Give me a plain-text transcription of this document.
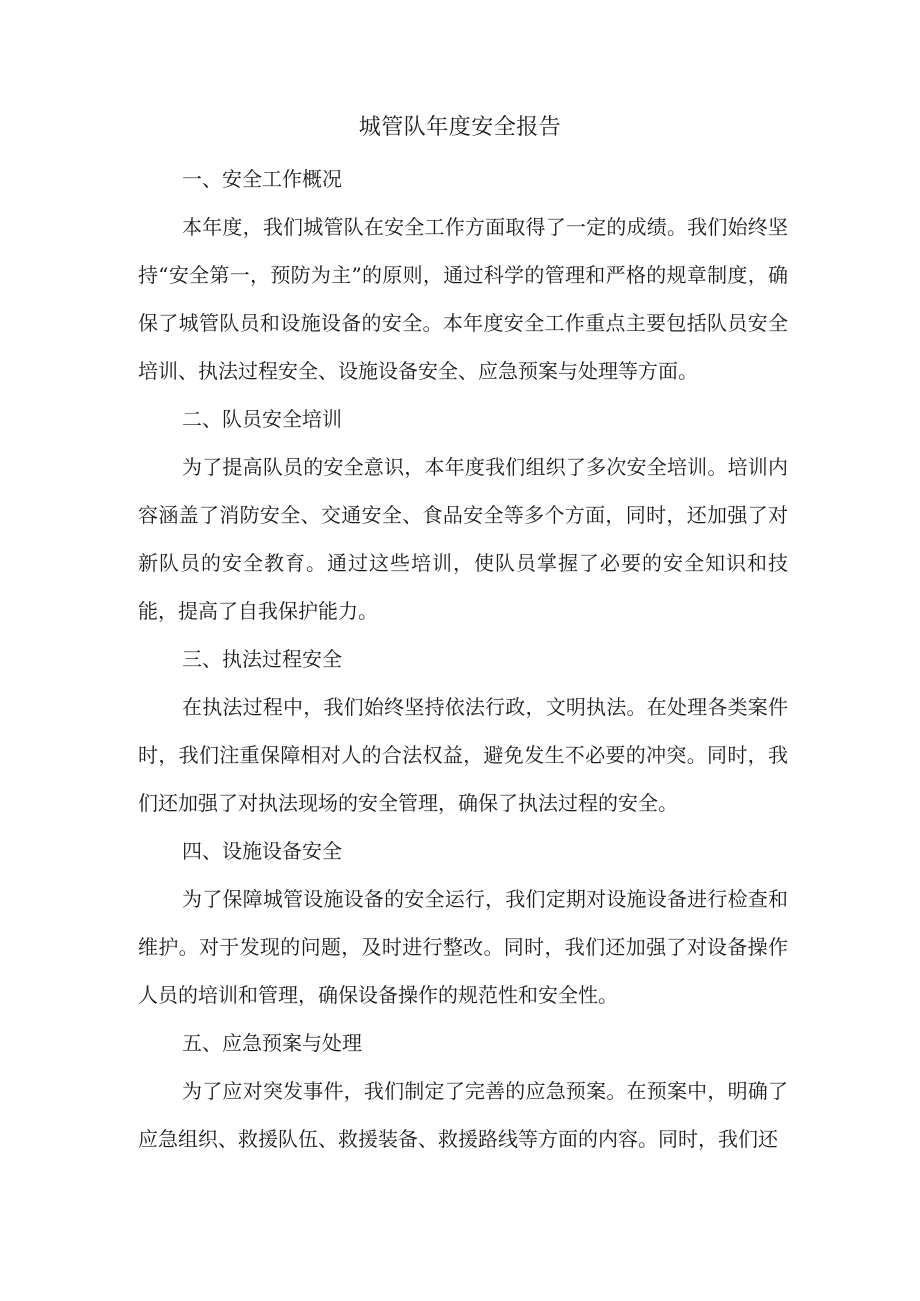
城管队年度安全报告

一、安全工作概况

本年度，我们城管队在安全工作方面取得了一定的成绩。我们始终坚持“安全第一，预防为主”的原则，通过科学的管理和严格的规章制度，确保了城管队员和设施设备的安全。本年度安全工作重点主要包括队员安全培训、执法过程安全、设施设备安全、应急预案与处理等方面。

二、队员安全培训

为了提高队员的安全意识，本年度我们组织了多次安全培训。培训内容涵盖了消防安全、交通安全、食品安全等多个方面，同时，还加强了对新队员的安全教育。通过这些培训，使队员掌握了必要的安全知识和技能，提高了自我保护能力。

三、执法过程安全

在执法过程中，我们始终坚持依法行政，文明执法。在处理各类案件时，我们注重保障相对人的合法权益，避免发生不必要的冲突。同时，我们还加强了对执法现场的安全管理，确保了执法过程的安全。

四、设施设备安全

为了保障城管设施设备的安全运行，我们定期对设施设备进行检查和维护。对于发现的问题，及时进行整改。同时，我们还加强了对设备操作人员的培训和管理，确保设备操作的规范性和安全性。

五、应急预案与处理

为了应对突发事件，我们制定了完善的应急预案。在预案中，明确了应急组织、救援队伍、救援装备、救援路线等方面的内容。同时，我们还
